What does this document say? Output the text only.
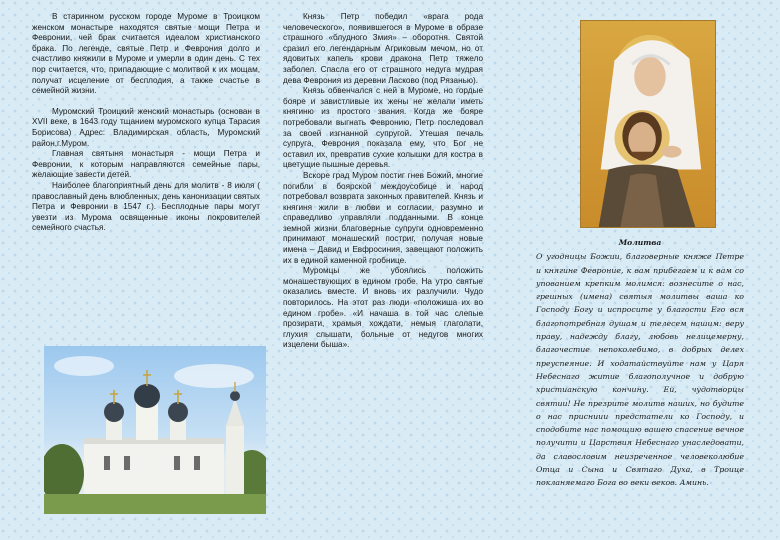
В старинном русском городе Муроме в Троицком женском монастыре находятся святые мощи Петра и Февронии, чей брак считается идеалом христианского брака. По легенде, святые Петр и Феврония долго и счастливо княжили в Муроме и умерли в один день. С тех пор считается, что, припадающие с молитвой к их мощам, получат исцеление от бесплодия, а также счастье в семейной жизни.

Муромский Троицкий женский монастырь (основан в XVII веке, в 1643 году тщанием муромского купца Тарасия Борисова) Адрес: Владимирская область, Муромский район,г.Муром.

Главная святыня монастыря - мощи Петра и Февронии, к которым направляются семейные пары, желающие завести детей.

Наиболее благоприятный день для молитв - 8 июля ( православный день влюбленных, день канонизации святых Петра и Февронии в 1547 г.). Бесплодные пары могут увезти из Мурома освященные иконы покровителей семейного счастья.

Князь Петр победил «врага рода человеческого», появившегося в Муроме в образе страшного «блудного Змия» – оборотня. Святой сразил его легендарным Агриковым мечом, но от ядовитых капель крови дракона Петр тяжело заболел. Спасла его от страшного недуга мудрая дева Феврония из деревни Ласково (под Рязанью).

Князь обвенчался с ней в Муроме, но гордые бояре и завистливые их жены не желали иметь княгиню из простого звания. Когда же бояре потребовали выгнать Февронию, Петр последовал за своей изгнанной супругой. Утешая печаль супруга, Феврония показала ему, что Бог не оставил их, превратив сухие колышки для костра в цветущие пышные деревья.

Вскоре град Муром постиг гнев Божий, многие погибли в боярской междоусобице и народ потребовал возврата законных правителей. Князь и княгиня жили в любви и согласии, разумно и справедливо управляли подданными. В конце земной жизни благоверные супруги одновременно принимают монашеский постриг, получая новые имена – Давид и Евфросиния, завещают положить их в единой каменной гробнице.

Муромцы же убоялись положить монашествующих в едином гробе. На утро святые оказались вместе. И вновь их разлучили. Чудо повторилось. На этот раз люди «положиша их во едином гробе». «И начаша в той час слепые прозирати, храмыя хождати, немыя глаголати, глухия слышати, больные от недугов многих изцелени быша».

Молитва

О угодницы Божии, благоверные княже Петре и княгине Февроние, к вам прибегаем и к вам со упованием крепким молимся: вознесите о нас, грешных (имена) святыя молитвы ваша ко Господу Богу и испросите у благости Его вся благопотребная душам и телесем нашим: веру праву, надежду благу, любовь нелицемерну, благочестие непоколебимо, в добрых делех преуспеяние. И ходатайствуйте нам у Царя Небеснаго житие благополучное и добрую христианскую кончину. Ей, чудотворцы святии! Не презрите молитв наших, но будите о нас присниии предстатели ко Господу, и сподобите нас помощию вашею спасение вечное получити и Царствия Небеснаго унаследовати, да славословим неизреченное человеколюбие Отца и Сына и Святаго Духа, в Троице покланяемаго Бога во веки веков. Аминь.
